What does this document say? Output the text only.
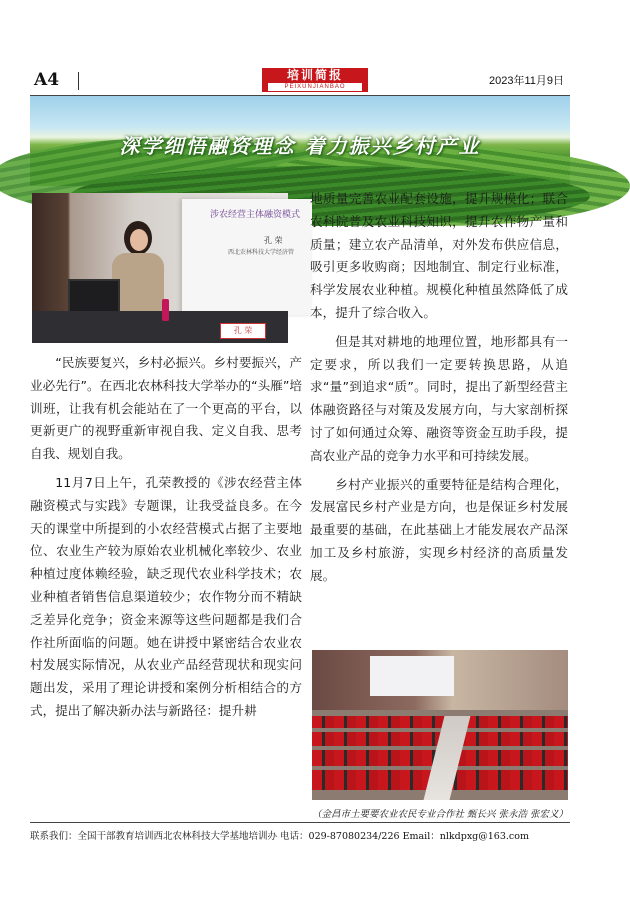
A4	培训简报
PEIXUNJIANBAO	2023年11月9日
深学细悟融资理念 着力振兴乡村产业
涉农经营主体融资模式
孔 荣
西北农林科技大学经济管
孔 荣

“民族要复兴，乡村必振兴。乡村要振兴，产业必先行”。在西北农林科技大学举办的“头雁”培训班，让我有机会能站在了一个更高的平台，以更新更广的视野重新审视自我、定义自我、思考自我、规划自我。

11月7日上午，孔荣教授的《涉农经营主体融资模式与实践》专题课，让我受益良多。在今天的课堂中所提到的小农经营模式占据了主要地位、农业生产较为原始农业机械化率较少、农业种植过度体赖经验，缺乏现代农业科学技术；农业种植者销售信息渠道较少；农作物分而不精缺乏差异化竞争；资金来源等这些问题都是我们合作社所面临的问题。她在讲授中紧密结合农业农村发展实际情况，从农业产品经营现状和现实问题出发，采用了理论讲授和案例分析相结合的方式，提出了解决新办法与新路径：提升耕

地质量完善农业配套设施，提升规模化；联合农科院普及农业科技知识，提升农作物产量和质量；建立农产品清单，对外发布供应信息，吸引更多收购商；因地制宜、制定行业标准，科学发展农业种植。规模化种植虽然降低了成本，提升了综合收入。

但是其对耕地的地理位置，地形都具有一定要求，所以我们一定要转换思路，从追求“量”到追求“质”。同时，提出了新型经营主体融资路径与对策及发展方向，与大家剖析探讨了如何通过众筹、融资等资金互助手段，提高农业产品的竞争力水平和可持续发展。

乡村产业振兴的重要特征是结构合理化，发展富民乡村产业是方向，也是保证乡村发展最重要的基础，在此基础上才能发展农产品深加工及乡村旅游，实现乡村经济的高质量发展。

（金昌市土要要农业农民专业合作社 甄长兴 张永浩 张宏义）
联系我们：全国干部教育培训西北农林科技大学基地培训办 电话：029-87080234/226 Email：nlkdpxg@163.com
